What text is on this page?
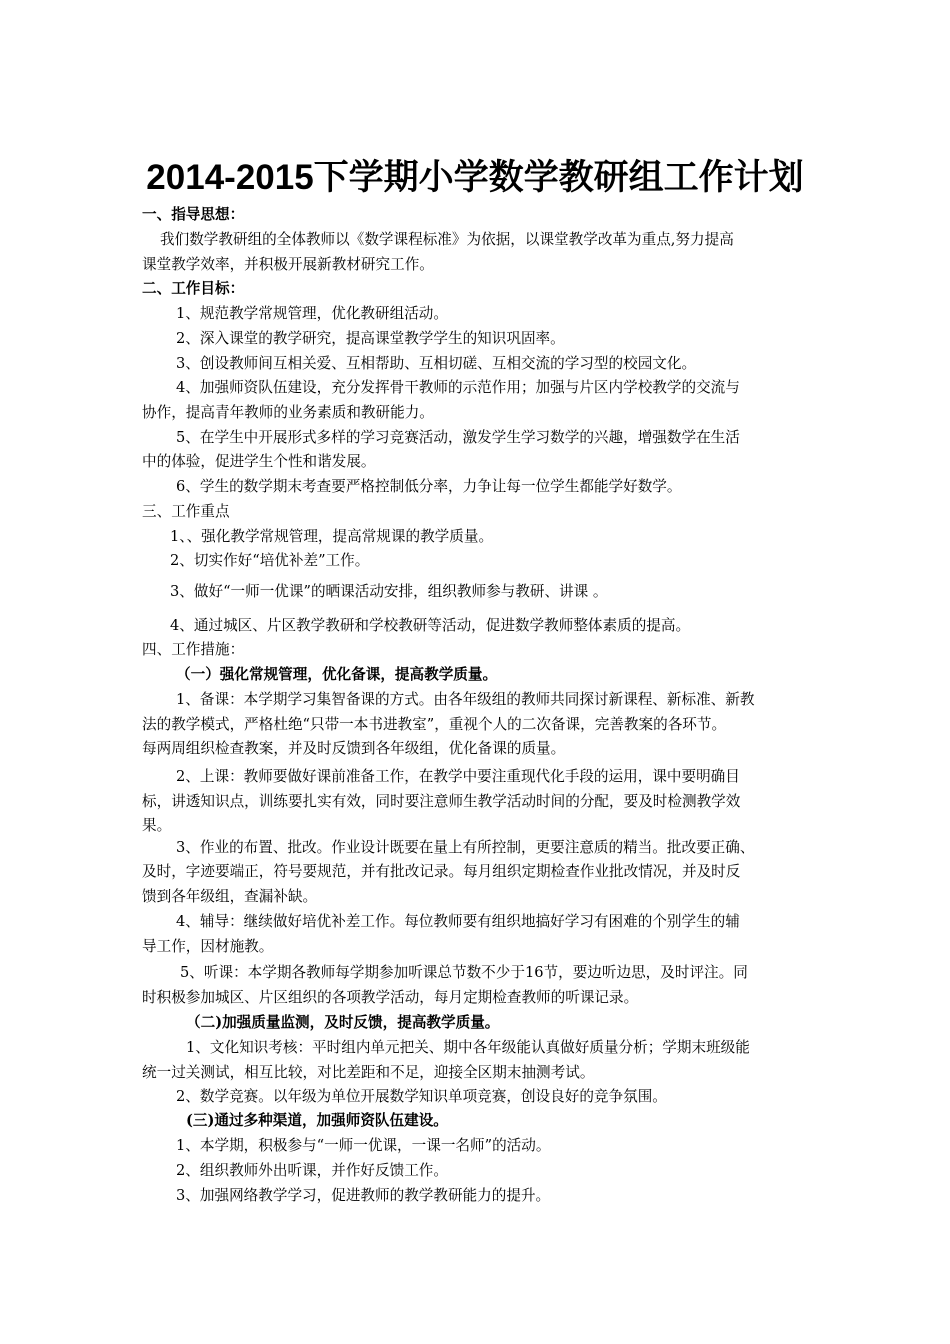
2014-2015下学期小学数学教研组工作计划
一、指导思想：
我们数学教研组的全体教师以《数学课程标准》为依据，以课堂教学改革为重点,努力提高
课堂教学效率，并积极开展新教材研究工作。
二、工作目标：
1、规范教学常规管理，优化教研组活动。
2、深入课堂的教学研究，提高课堂教学学生的知识巩固率。
3、创设教师间互相关爱、互相帮助、互相切磋、互相交流的学习型的校园文化。
4、加强师资队伍建设，充分发挥骨干教师的示范作用；加强与片区内学校教学的交流与
协作，提高青年教师的业务素质和教研能力。
5、在学生中开展形式多样的学习竞赛活动，激发学生学习数学的兴趣，增强数学在生活
中的体验，促进学生个性和谐发展。
6、学生的数学期末考查要严格控制低分率，力争让每一位学生都能学好数学。
三、工作重点
1、、强化教学常规管理，提高常规课的教学质量。
2、切实作好“培优补差”工作。
3、做好“一师一优课”的晒课活动安排，组织教师参与教研、讲课 。
4、通过城区、片区教学教研和学校教研等活动，促进数学教师整体素质的提高。
四、工作措施：
（一）强化常规管理，优化备课，提高教学质量。
1、备课：本学期学习集智备课的方式。由各年级组的教师共同探讨新课程、新标准、新教
法的教学模式，严格杜绝“只带一本书进教室”，重视个人的二次备课，完善教案的各环节。
每两周组织检查教案，并及时反馈到各年级组，优化备课的质量。
2、上课：教师要做好课前准备工作，在教学中要注重现代化手段的运用，课中要明确目
标，讲透知识点，训练要扎实有效，同时要注意师生教学活动时间的分配，要及时检测教学效
果。
3、作业的布置、批改。作业设计既要在量上有所控制，更要注意质的精当。批改要正确、
及时，字迹要端正，符号要规范，并有批改记录。每月组织定期检查作业批改情况，并及时反
馈到各年级组，查漏补缺。
4、辅导：继续做好培优补差工作。每位教师要有组织地搞好学习有困难的个别学生的辅
导工作，因材施教。
5、听课：本学期各教师每学期参加听课总节数不少于16节，要边听边思，及时评注。同
时积极参加城区、片区组织的各项教学活动，每月定期检查教师的听课记录。
（二)加强质量监测，及时反馈，提高教学质量。
1、文化知识考核：平时组内单元把关、期中各年级能认真做好质量分析；学期末班级能
统一过关测试，相互比较，对比差距和不足，迎接全区期末抽测考试。
2、数学竞赛。以年级为单位开展数学知识单项竞赛，创设良好的竞争氛围。
(三)通过多种渠道，加强师资队伍建设。
1、本学期，积极参与“一师一优课，一课一名师”的活动。
2、组织教师外出听课，并作好反馈工作。
3、加强网络教学学习，促进教师的教学教研能力的提升。
